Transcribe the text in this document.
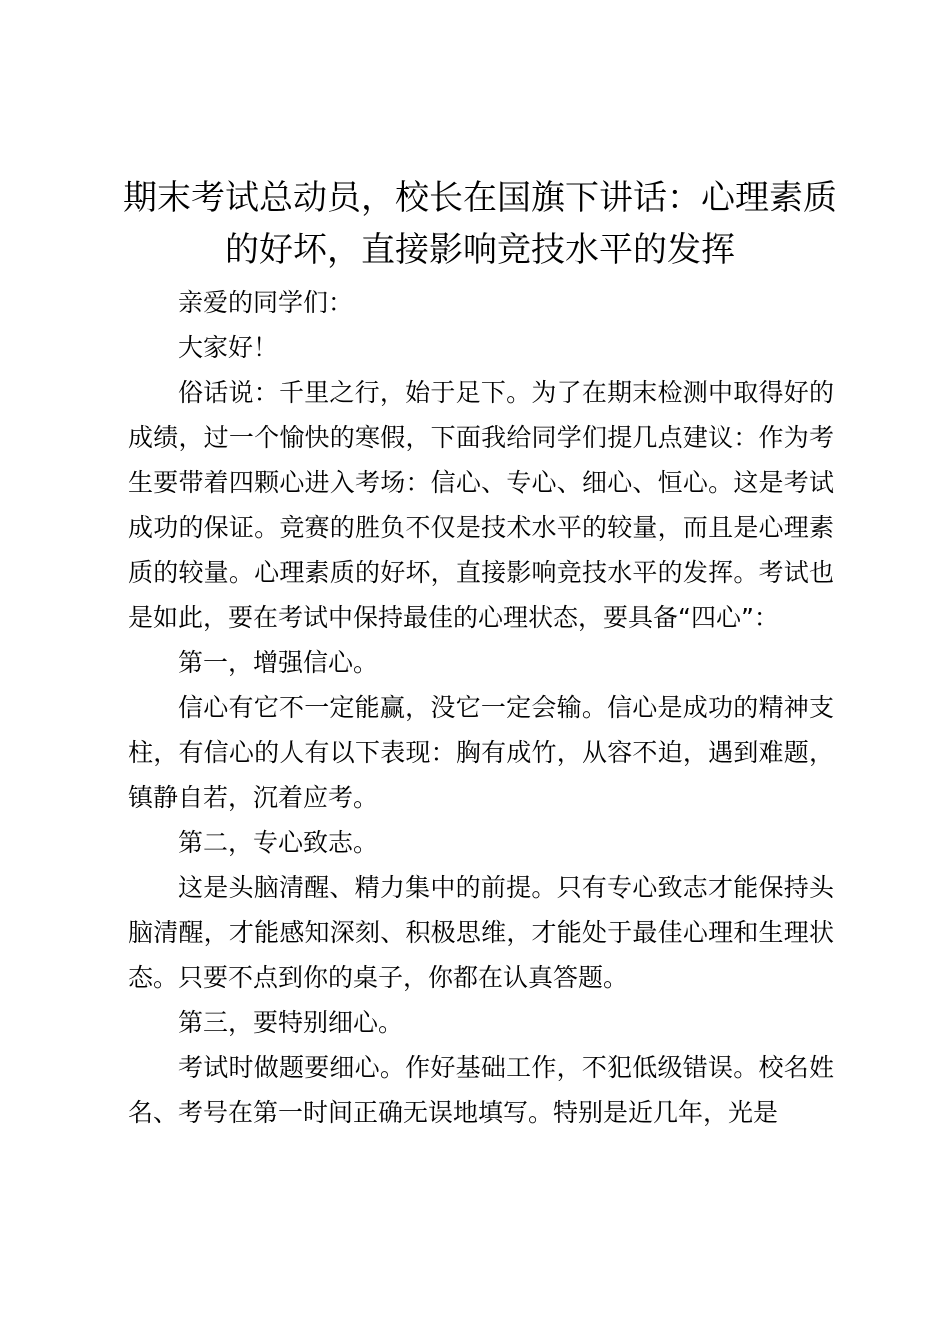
期末考试总动员，校长在国旗下讲话：心理素质的好坏，直接影响竞技水平的发挥

亲爱的同学们：

大家好！

俗话说：千里之行，始于足下。为了在期末检测中取得好的成绩，过一个愉快的寒假，下面我给同学们提几点建议：作为考生要带着四颗心进入考场：信心、专心、细心、恒心。这是考试成功的保证。竞赛的胜负不仅是技术水平的较量，而且是心理素质的较量。心理素质的好坏，直接影响竞技水平的发挥。考试也是如此，要在考试中保持最佳的心理状态，要具备“四心”：

第一，增强信心。

信心有它不一定能赢，没它一定会输。信心是成功的精神支柱，有信心的人有以下表现：胸有成竹，从容不迫，遇到难题，镇静自若，沉着应考。

第二，专心致志。

这是头脑清醒、精力集中的前提。只有专心致志才能保持头脑清醒，才能感知深刻、积极思维，才能处于最佳心理和生理状态。只要不点到你的桌子，你都在认真答题。

第三，要特别细心。

考试时做题要细心。作好基础工作，不犯低级错误。校名姓名、考号在第一时间正确无误地填写。特别是近几年，光是
